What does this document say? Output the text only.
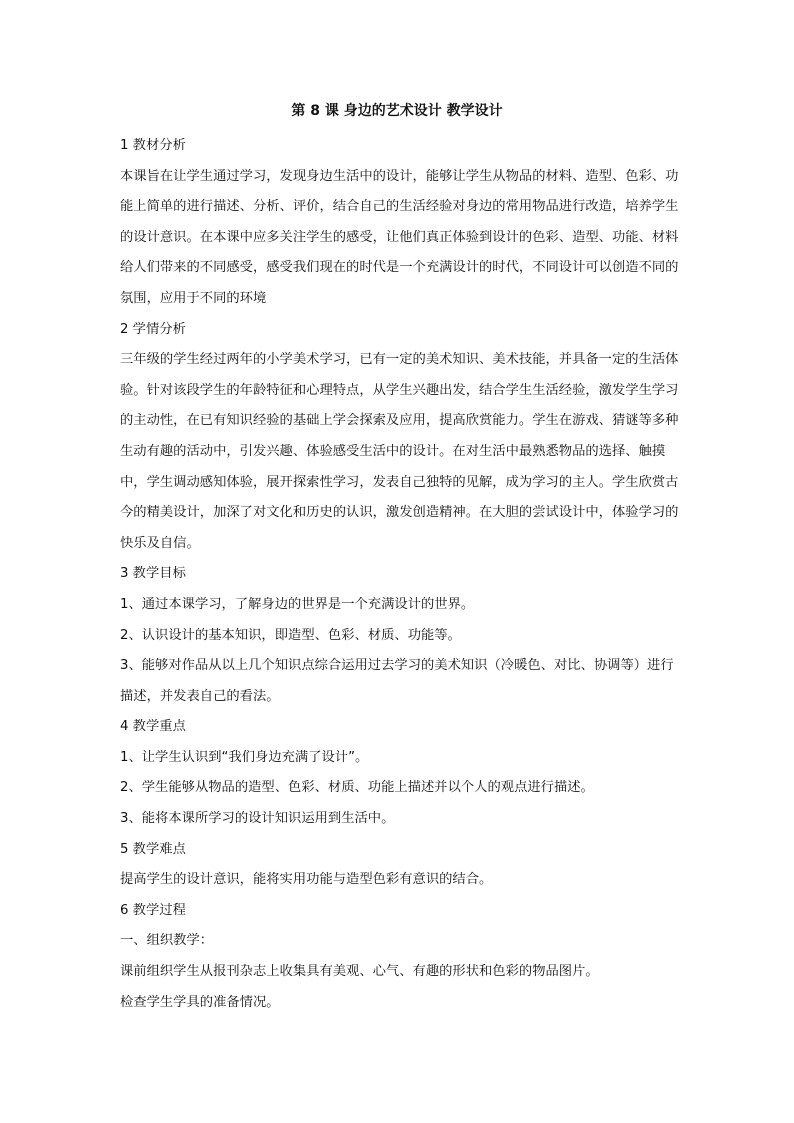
第 8 课 身边的艺术设计 教学设计

1 教材分析

本课旨在让学生通过学习，发现身边生活中的设计，能够让学生从物品的材料、造型、色彩、功能上简单的进行描述、分析、评价，结合自己的生活经验对身边的常用物品进行改造，培养学生的设计意识。在本课中应多关注学生的感受，让他们真正体验到设计的色彩、造型、功能、材料给人们带来的不同感受，感受我们现在的时代是一个充满设计的时代，不同设计可以创造不同的氛围，应用于不同的环境

2 学情分析

三年级的学生经过两年的小学美术学习，已有一定的美术知识、美术技能，并具备一定的生活体验。针对该段学生的年龄特征和心理特点，从学生兴趣出发，结合学生生活经验，激发学生学习的主动性，在已有知识经验的基础上学会探索及应用，提高欣赏能力。学生在游戏、猜谜等多种生动有趣的活动中，引发兴趣、体验感受生活中的设计。在对生活中最熟悉物品的选择、触摸中，学生调动感知体验，展开探索性学习，发表自己独特的见解，成为学习的主人。学生欣赏古今的精美设计，加深了对文化和历史的认识，激发创造精神。在大胆的尝试设计中，体验学习的快乐及自信。

3 教学目标

1、通过本课学习，了解身边的世界是一个充满设计的世界。

2、认识设计的基本知识，即造型、色彩、材质、功能等。

3、能够对作品从以上几个知识点综合运用过去学习的美术知识（冷暖色、对比、协调等）进行描述，并发表自己的看法。

4 教学重点

1、让学生认识到“我们身边充满了设计”。

2、学生能够从物品的造型、色彩、材质、功能上描述并以个人的观点进行描述。

3、能将本课所学习的设计知识运用到生活中。

5 教学难点

提高学生的设计意识，能将实用功能与造型色彩有意识的结合。

6 教学过程

一、组织教学：

课前组织学生从报刊杂志上收集具有美观、心气、有趣的形状和色彩的物品图片。

检查学生学具的准备情况。
